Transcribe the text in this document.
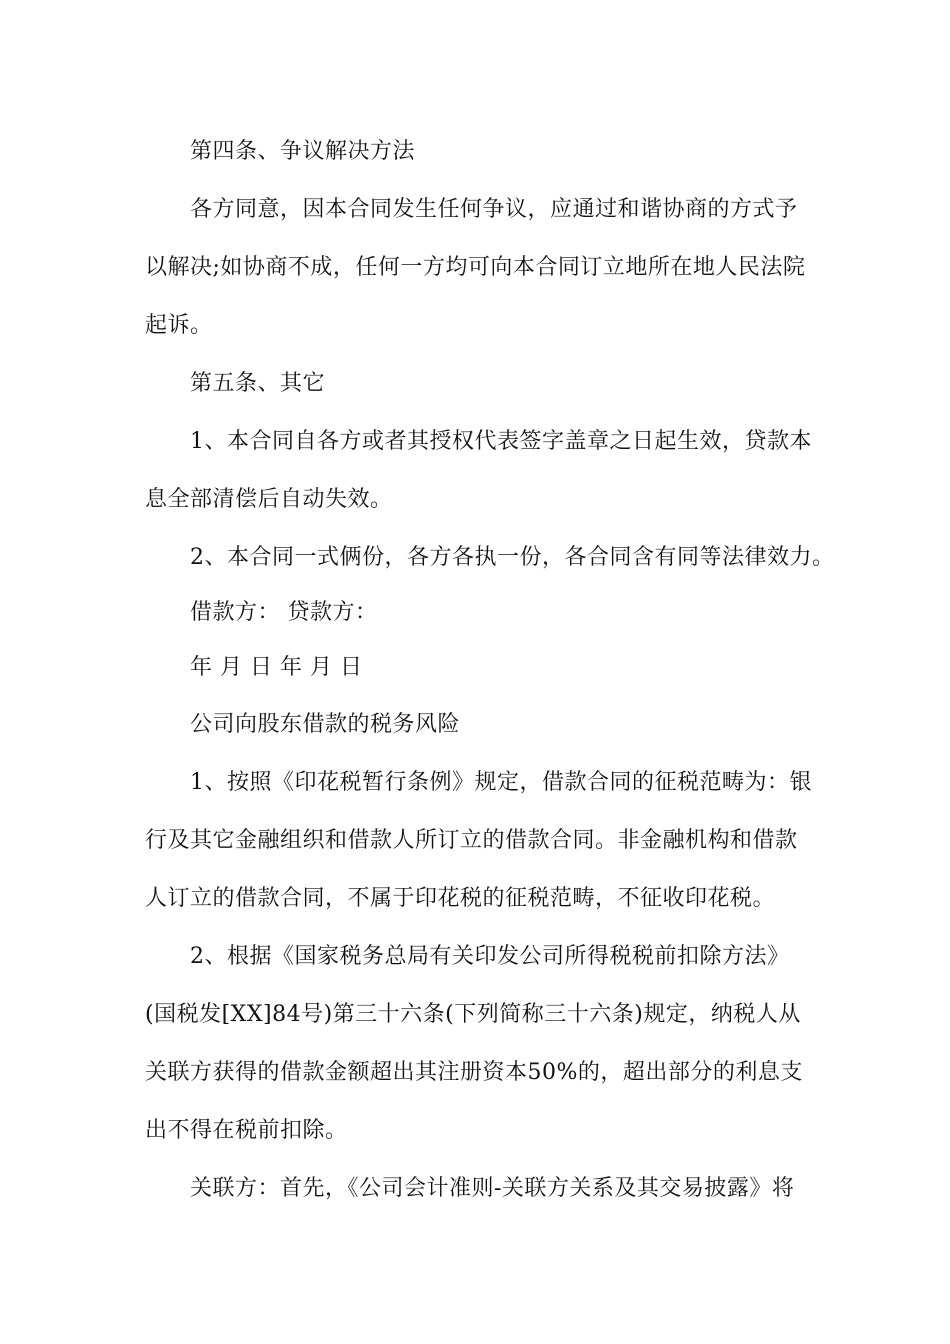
第四条、争议解决方法
各方同意，因本合同发生任何争议，应通过和谐协商的方式予
以解决;如协商不成，任何一方均可向本合同订立地所在地人民法院
起诉。
第五条、其它
1、本合同自各方或者其授权代表签字盖章之日起生效，贷款本
息全部清偿后自动失效。
2、本合同一式俩份，各方各执一份，各合同含有同等法律效力。
借款方： 贷款方：
年 月 日 年 月 日
公司向股东借款的税务风险
1、按照《印花税暂行条例》规定，借款合同的征税范畴为：银
行及其它金融组织和借款人所订立的借款合同。非金融机构和借款
人订立的借款合同，不属于印花税的征税范畴，不征收印花税。
2、根据《国家税务总局有关印发公司所得税税前扣除方法》
(国税发[XX]84号)第三十六条(下列简称三十六条)规定，纳税人从
关联方获得的借款金额超出其注册资本50%的，超出部分的利息支
出不得在税前扣除。
关联方：首先，《公司会计准则-关联方关系及其交易披露》将
